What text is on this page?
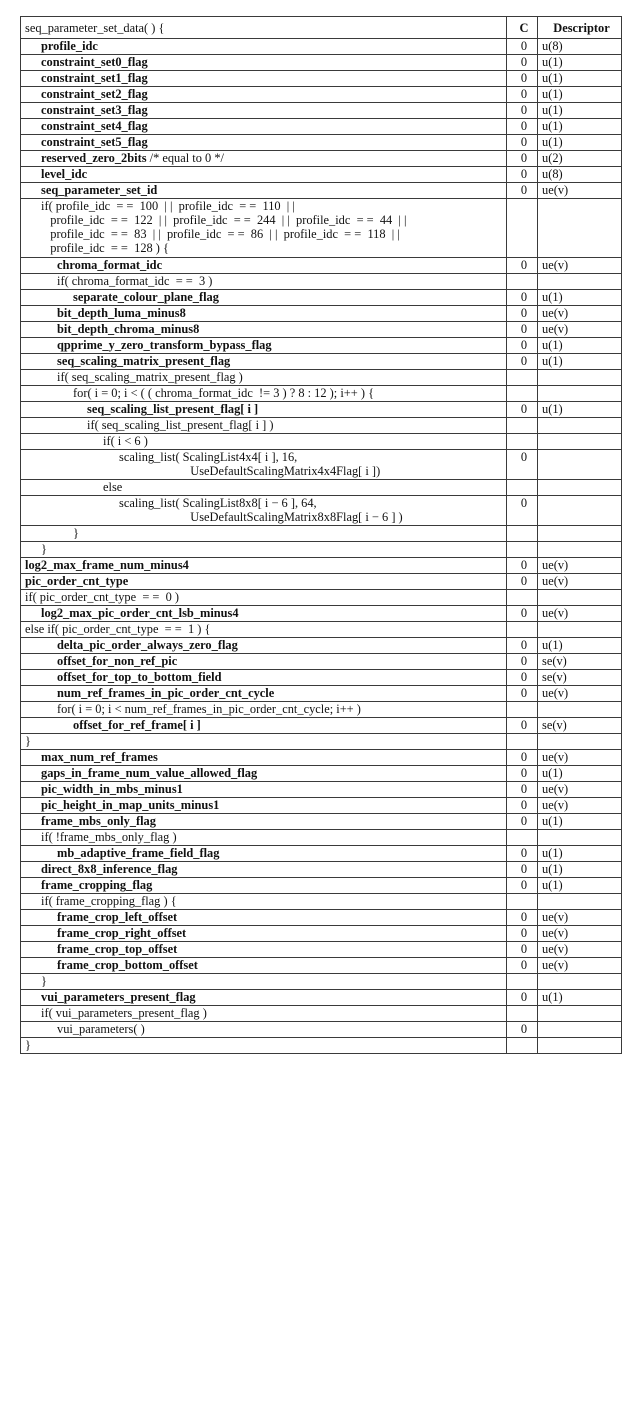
seq_parameter_set_data( ) {	C	Descriptor

profile_idc	0	u(8)

constraint_set0_flag	0	u(1)

constraint_set1_flag	0	u(1)

constraint_set2_flag	0	u(1)

constraint_set3_flag	0	u(1)

constraint_set4_flag	0	u(1)

constraint_set5_flag	0	u(1)

reserved_zero_2bits /* equal to 0 */	0	u(2)

level_idc	0	u(8)

seq_parameter_set_id	0	ue(v)

if( profile_idc  = =  100  | |  profile_idc  = =  110  | |
profile_idc  = =  122  | |  profile_idc  = =  244  | |  profile_idc  = =  44  | |
profile_idc  = =  83  | |  profile_idc  = =  86  | |  profile_idc  = =  118  | |
profile_idc  = =  128 ) {		

chroma_format_idc	0	ue(v)

if( chroma_format_idc  = =  3 )		

separate_colour_plane_flag	0	u(1)

bit_depth_luma_minus8	0	ue(v)

bit_depth_chroma_minus8	0	ue(v)

qpprime_y_zero_transform_bypass_flag	0	u(1)

seq_scaling_matrix_present_flag	0	u(1)

if( seq_scaling_matrix_present_flag )		

for( i = 0; i < ( ( chroma_format_idc  != 3 ) ? 8 : 12 ); i++ ) {		

seq_scaling_list_present_flag[ i ]	0	u(1)

if( seq_scaling_list_present_flag[ i ] )		

if( i < 6 )		

scaling_list( ScalingList4x4[ i ], 16,
UseDefaultScalingMatrix4x4Flag[ i ])	0	

else		

scaling_list( ScalingList8x8[ i − 6 ], 64,
UseDefaultScalingMatrix8x8Flag[ i − 6 ] )	0	

}		

}		

log2_max_frame_num_minus4	0	ue(v)

pic_order_cnt_type	0	ue(v)

if( pic_order_cnt_type  = =  0 )		

log2_max_pic_order_cnt_lsb_minus4	0	ue(v)

else if( pic_order_cnt_type  = =  1 ) {		

delta_pic_order_always_zero_flag	0	u(1)

offset_for_non_ref_pic	0	se(v)

offset_for_top_to_bottom_field	0	se(v)

num_ref_frames_in_pic_order_cnt_cycle	0	ue(v)

for( i = 0; i < num_ref_frames_in_pic_order_cnt_cycle; i++ )		

offset_for_ref_frame[ i ]	0	se(v)

}		

max_num_ref_frames	0	ue(v)

gaps_in_frame_num_value_allowed_flag	0	u(1)

pic_width_in_mbs_minus1	0	ue(v)

pic_height_in_map_units_minus1	0	ue(v)

frame_mbs_only_flag	0	u(1)

if( !frame_mbs_only_flag )		

mb_adaptive_frame_field_flag	0	u(1)

direct_8x8_inference_flag	0	u(1)

frame_cropping_flag	0	u(1)

if( frame_cropping_flag ) {		

frame_crop_left_offset	0	ue(v)

frame_crop_right_offset	0	ue(v)

frame_crop_top_offset	0	ue(v)

frame_crop_bottom_offset	0	ue(v)

}		

vui_parameters_present_flag	0	u(1)

if( vui_parameters_present_flag )		

vui_parameters( )	0	

}		
